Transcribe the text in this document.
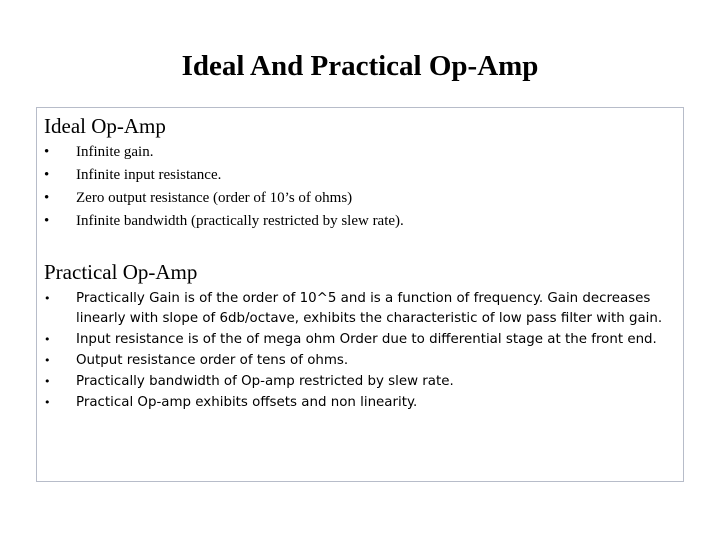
Ideal And Practical Op-Amp
Ideal Op-Amp
• Infinite gain.
• Infinite input resistance.
• Zero output resistance (order of 10’s of ohms)
• Infinite bandwidth (practically restricted by slew rate).
Practical Op-Amp
• Practically Gain is of the order of 10^5 and is a function of frequency. Gain decreases linearly with slope of 6db/octave, exhibits the characteristic of low pass filter with gain.
• Input resistance is of the of mega ohm Order due to differential stage at the front end.
• Output resistance order of tens of ohms.
• Practically bandwidth of Op-amp restricted by slew rate.
• Practical Op-amp exhibits offsets and non linearity.
